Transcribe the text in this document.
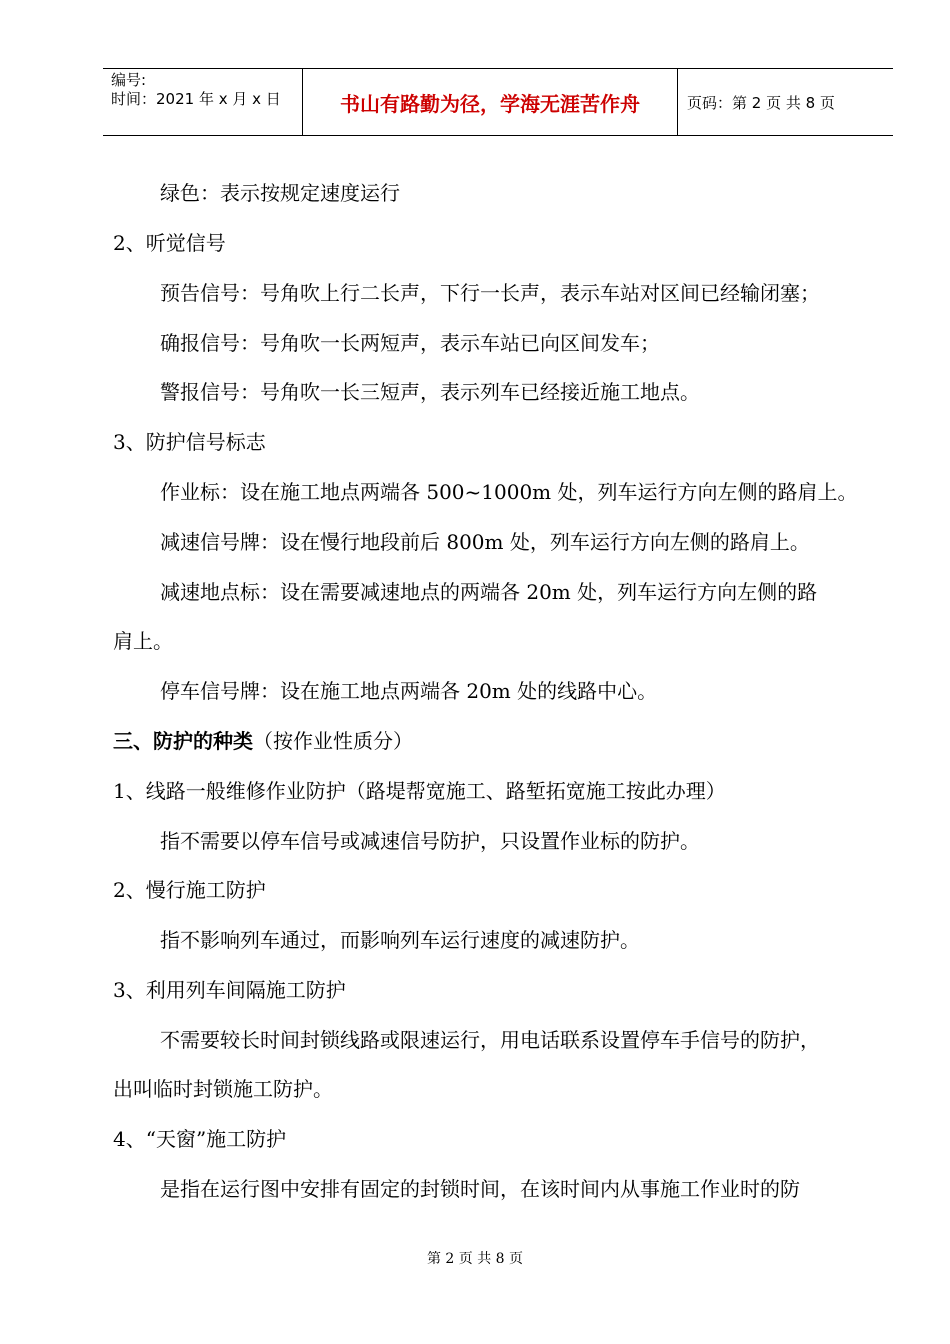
编号:
时间：2021 年 x 月 x 日	书山有路勤为径，学海无涯苦作舟	页码：第 2 页 共 8 页
绿色：表示按规定速度运行
2、听觉信号
预告信号：号角吹上行二长声，下行一长声，表示车站对区间已经输闭塞；
确报信号：号角吹一长两短声，表示车站已向区间发车；
警报信号：号角吹一长三短声，表示列车已经接近施工地点。
3、防护信号标志
作业标：设在施工地点两端各 500~1000m 处，列车运行方向左侧的路肩上。
减速信号牌：设在慢行地段前后 800m 处，列车运行方向左侧的路肩上。
减速地点标：设在需要减速地点的两端各 20m 处，列车运行方向左侧的路
肩上。
停车信号牌：设在施工地点两端各 20m 处的线路中心。
三、防护的种类（按作业性质分）
1、线路一般维修作业防护（路堤帮宽施工、路堑拓宽施工按此办理）
指不需要以停车信号或减速信号防护，只设置作业标的防护。
2、慢行施工防护
指不影响列车通过，而影响列车运行速度的减速防护。
3、利用列车间隔施工防护
不需要较长时间封锁线路或限速运行，用电话联系设置停车手信号的防护，
出叫临时封锁施工防护。
4、“天窗”施工防护
是指在运行图中安排有固定的封锁时间，在该时间内从事施工作业时的防
第 2 页 共 8 页
